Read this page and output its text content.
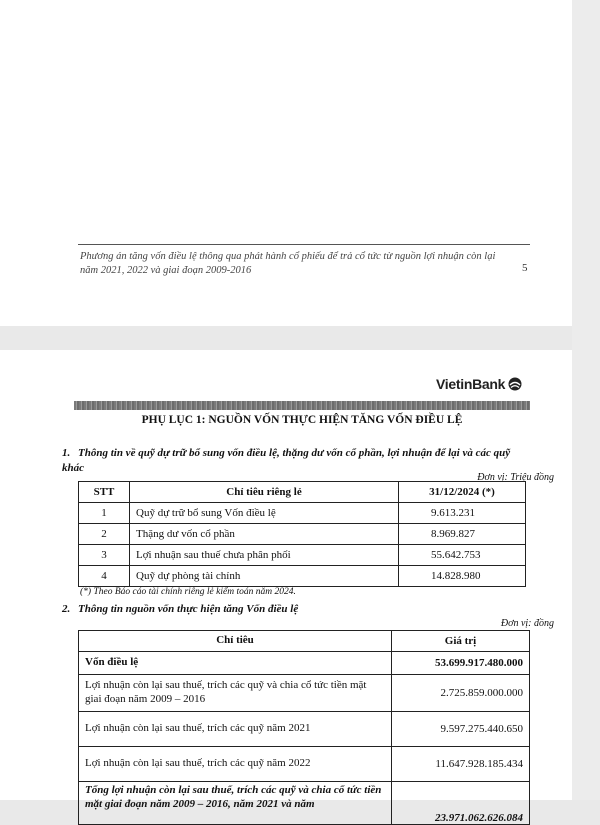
Phương án tăng vốn điều lệ thông qua phát hành cổ phiếu để trả cổ tức từ nguồn lợi nhuận còn lại năm 2021, 2022 và giai đoạn 2009-2016	5
VietinBank
PHỤ LỤC 1: NGUỒN VỐN THỰC HIỆN TĂNG VỐN ĐIỀU LỆ
1. Thông tin về quỹ dự trữ bổ sung vốn điều lệ, thặng dư vốn cổ phần, lợi nhuận để lại và các quỹ khác
Đơn vị: Triệu đồng
STT	Chỉ tiêu riêng lẻ	31/12/2024 (*)
1	Quỹ dự trữ bổ sung Vốn điều lệ	9.613.231
2	Thặng dư vốn cổ phần	8.969.827
3	Lợi nhuận sau thuế chưa phân phối	55.642.753
4	Quỹ dự phòng tài chính	14.828.980
(*) Theo Báo cáo tài chính riêng lẻ kiểm toán năm 2024.
2. Thông tin nguồn vốn thực hiện tăng Vốn điều lệ
Đơn vị: đồng
Chỉ tiêu	Giá trị
Vốn điều lệ	53.699.917.480.000
Lợi nhuận còn lại sau thuế, trích các quỹ và chia cổ tức tiền mặt giai đoạn năm 2009 – 2016	2.725.859.000.000
Lợi nhuận còn lại sau thuế, trích các quỹ năm 2021	9.597.275.440.650
Lợi nhuận còn lại sau thuế, trích các quỹ năm 2022	11.647.928.185.434
Tổng lợi nhuận còn lại sau thuế, trích các quỹ và chia cổ tức tiền mặt giai đoạn năm 2009 – 2016, năm 2021 và năm	23.971.062.626.084
